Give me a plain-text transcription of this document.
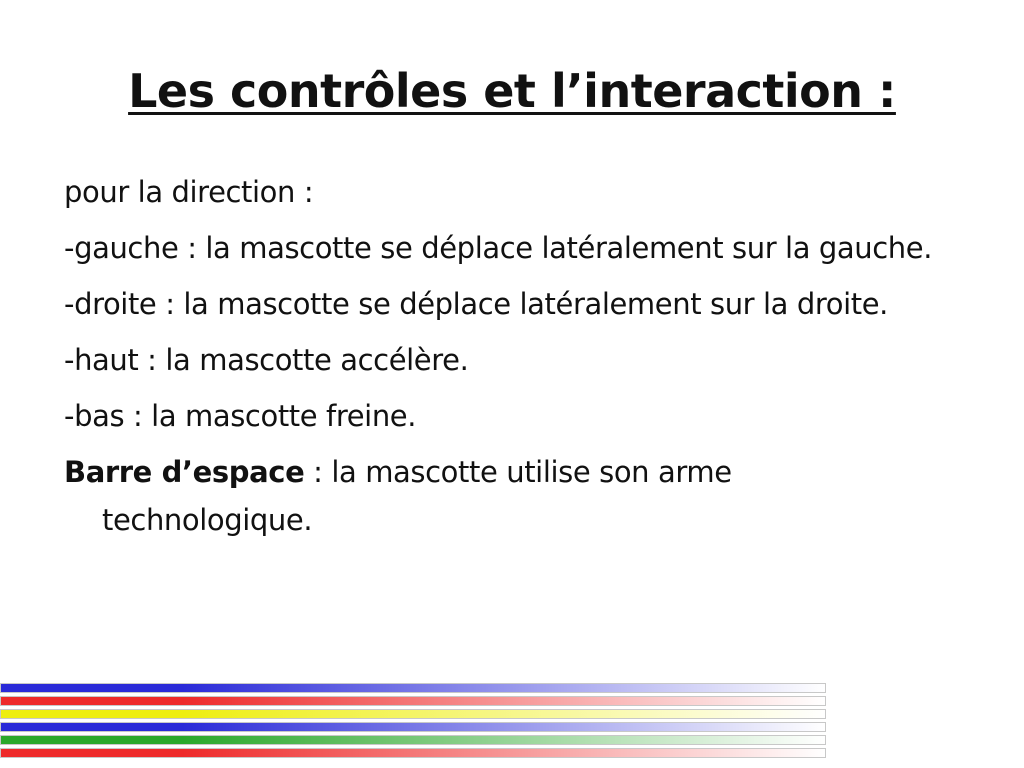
Les contrôles et l’interaction :

pour la direction :

-gauche : la mascotte se déplace latéralement sur la gauche.

-droite : la mascotte se déplace latéralement sur la droite.

-haut : la mascotte accélère.

-bas : la mascotte freine.

Barre d’espace : la mascotte utilise son arme technologique.
